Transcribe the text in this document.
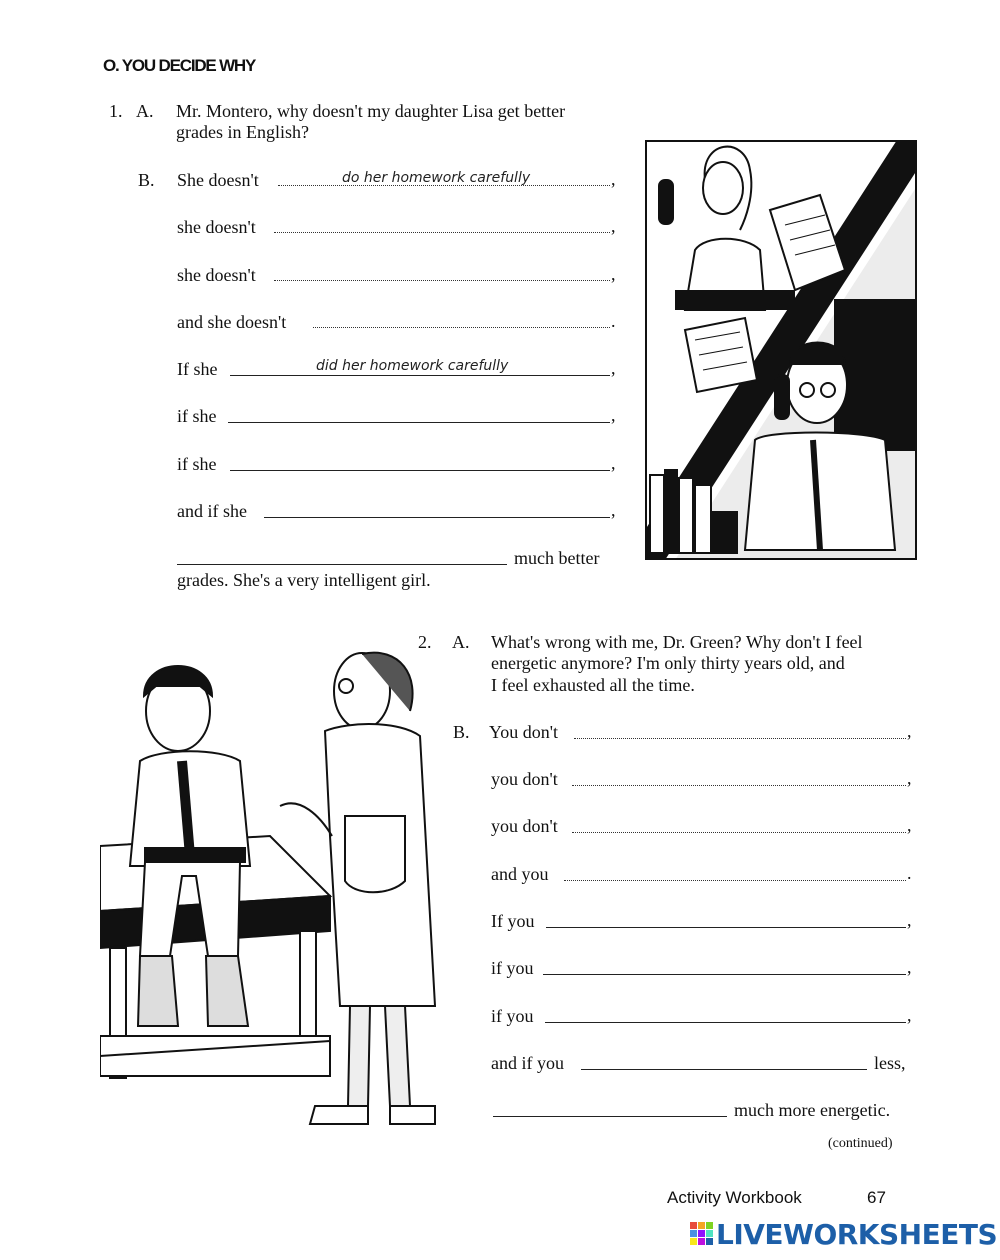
O. YOU DECIDE WHY
1. A. Mr. Montero, why doesn't my daughter Lisa get better
grades in English?
B. She doesn't	do her homework carefully	,
she doesn't	,
she doesn't	,
and she doesn't	.
If she	did her homework carefully	,
if she	,
if she	,
and if she	,
much better
grades. She's a very intelligent girl.
2. A. What's wrong with me, Dr. Green? Why don't I feel
energetic anymore? I'm only thirty years old, and
I feel exhausted all the time.
B. You don't	,
you don't	,
you don't	,
and you	.
If you	,
if you	,
if you	,
and if you	less,
much more energetic.
(continued)
Activity Workbook	67
LIVEWORKSHEETS
